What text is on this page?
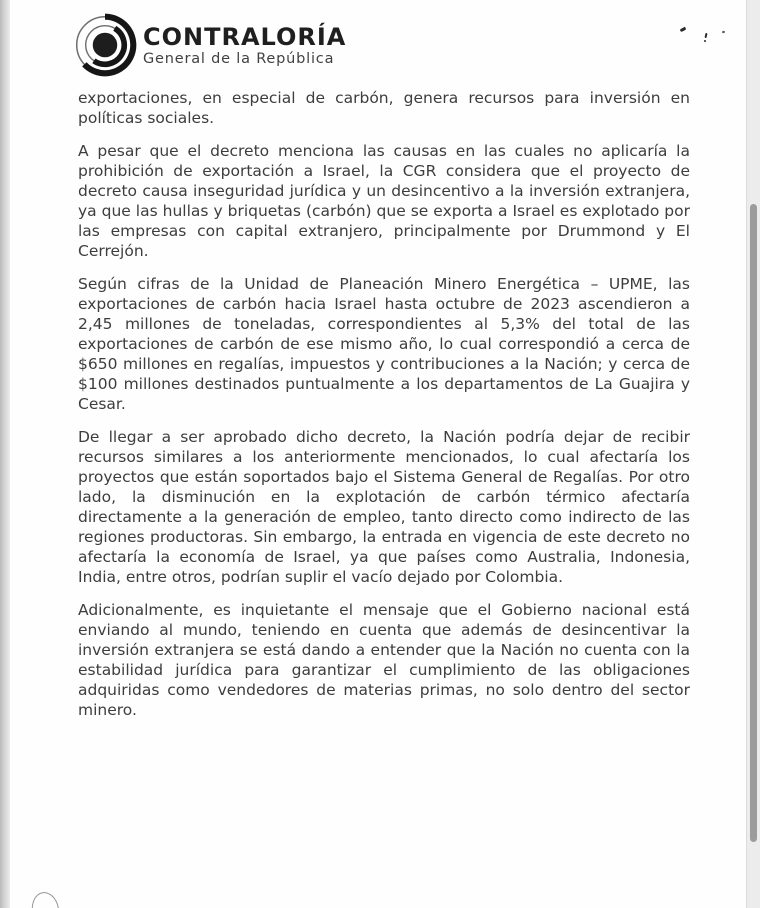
CONTRALORÍA
General de la República

exportaciones, en especial de carbón, genera recursos para inversión en políticas sociales.

A pesar que el decreto menciona las causas en las cuales no aplicaría la prohibición de exportación a Israel, la CGR considera que el proyecto de decreto causa inseguridad jurídica y un desincentivo a la inversión extranjera, ya que las hullas y briquetas (carbón) que se exporta a Israel es explotado por las empresas con capital extranjero, principalmente por Drummond y El Cerrejón.

Según cifras de la Unidad de Planeación Minero Energética – UPME, las exportaciones de carbón hacia Israel hasta octubre de 2023 ascendieron a 2,45 millones de toneladas, correspondientes al 5,3% del total de las exportaciones de carbón de ese mismo año, lo cual correspondió a cerca de $650 millones en regalías, impuestos y contribuciones a la Nación; y cerca de $100 millones destinados puntualmente a los departamentos de La Guajira y Cesar.

De llegar a ser aprobado dicho decreto, la Nación podría dejar de recibir recursos similares a los anteriormente mencionados, lo cual afectaría los proyectos que están soportados bajo el Sistema General de Regalías. Por otro lado, la disminución en la explotación de carbón térmico afectaría directamente a la generación de empleo, tanto directo como indirecto de las regiones productoras. Sin embargo, la entrada en vigencia de este decreto no afectaría la economía de Israel, ya que países como Australia, Indonesia, India, entre otros, podrían suplir el vacío dejado por Colombia.

Adicionalmente, es inquietante el mensaje que el Gobierno nacional está enviando al mundo, teniendo en cuenta que además de desincentivar la inversión extranjera se está dando a entender que la Nación no cuenta con la estabilidad jurídica para garantizar el cumplimiento de las obligaciones adquiridas como vendedores de materias primas, no solo dentro del sector minero.
